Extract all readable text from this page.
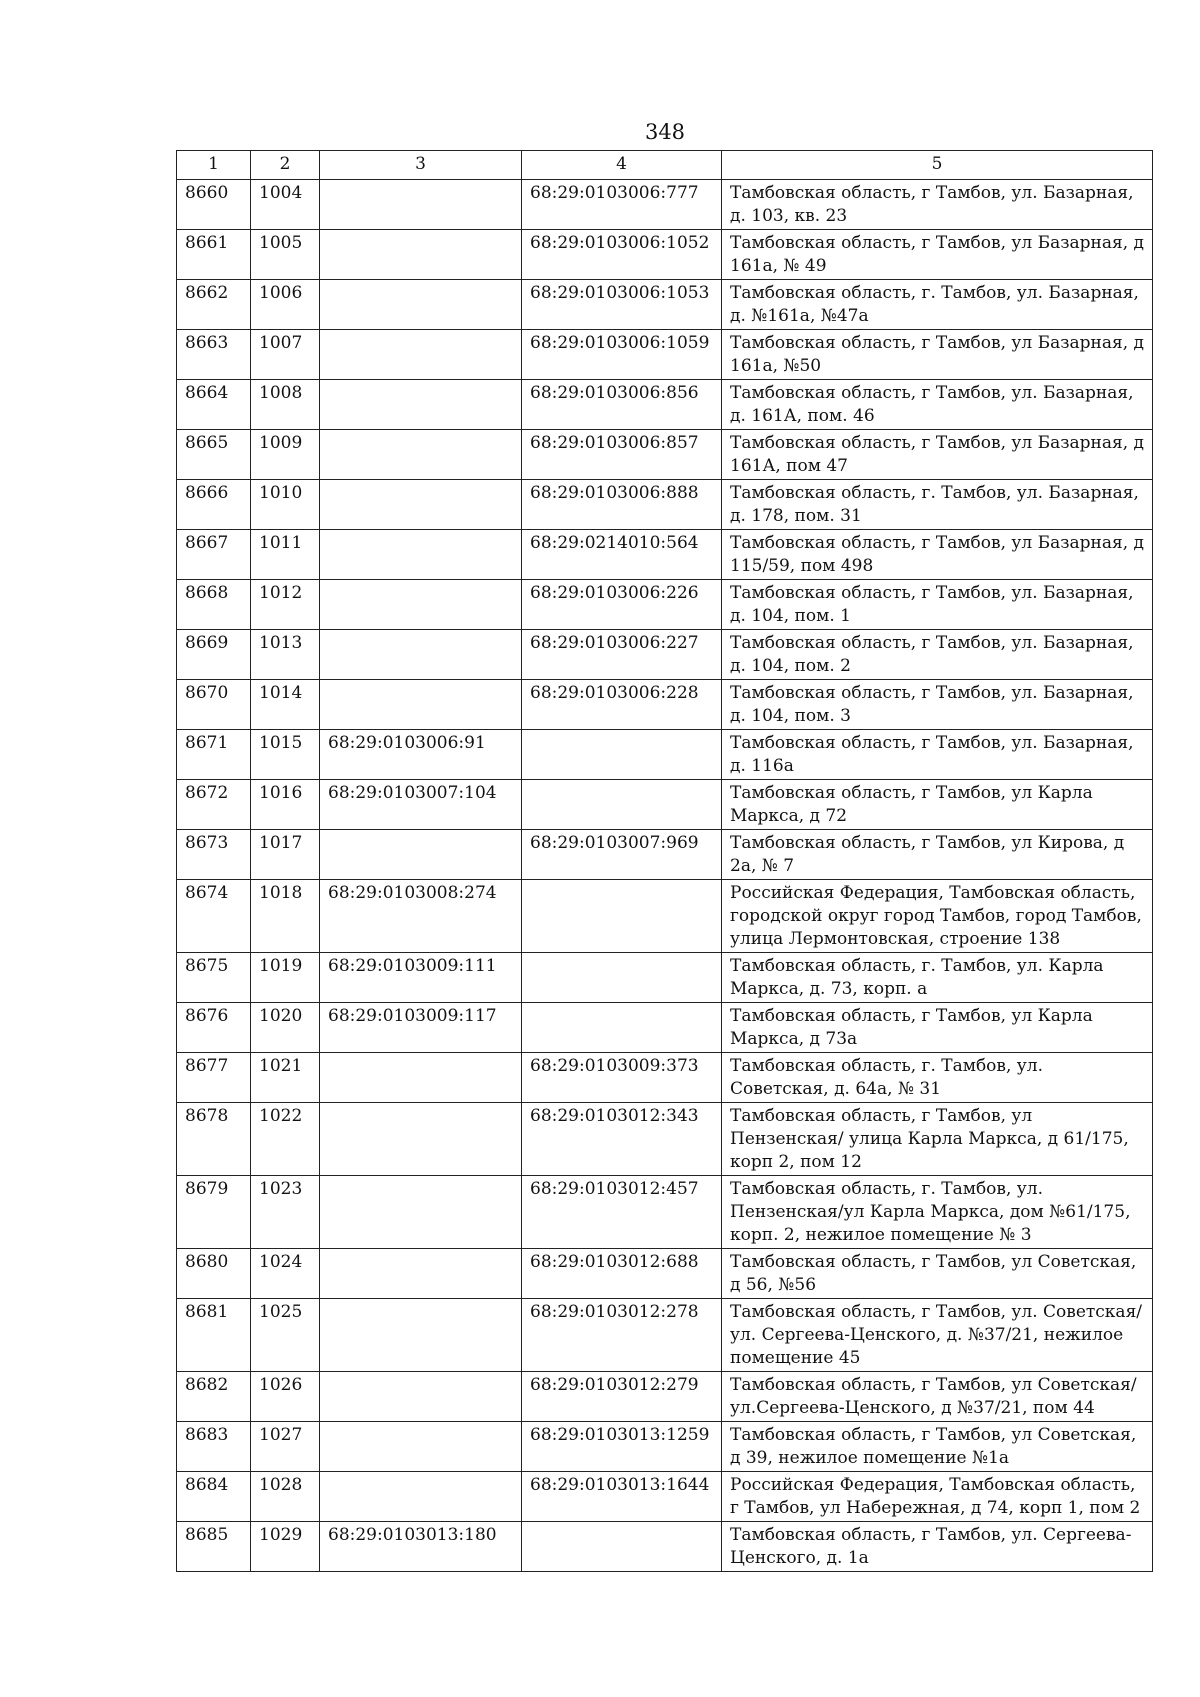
348
1	2	3	4	5
8660	1004		68:29:0103006:777	Тамбовская область, г Тамбов, ул. Базарная, д. 103, кв. 23
8661	1005		68:29:0103006:1052	Тамбовская область, г Тамбов, ул Базарная, д 161а, № 49
8662	1006		68:29:0103006:1053	Тамбовская область, г. Тамбов, ул. Базарная, д. №161а, №47а
8663	1007		68:29:0103006:1059	Тамбовская область, г Тамбов, ул Базарная, д 161а, №50
8664	1008		68:29:0103006:856	Тамбовская область, г Тамбов, ул. Базарная, д. 161А, пом. 46
8665	1009		68:29:0103006:857	Тамбовская область, г Тамбов, ул Базарная, д 161А, пом 47
8666	1010		68:29:0103006:888	Тамбовская область, г. Тамбов, ул. Базарная, д. 178, пом. 31
8667	1011		68:29:0214010:564	Тамбовская область, г Тамбов, ул Базарная, д 115/59, пом 498
8668	1012		68:29:0103006:226	Тамбовская область, г Тамбов, ул. Базарная, д. 104, пом. 1
8669	1013		68:29:0103006:227	Тамбовская область, г Тамбов, ул. Базарная, д. 104, пом. 2
8670	1014		68:29:0103006:228	Тамбовская область, г Тамбов, ул. Базарная, д. 104, пом. 3
8671	1015	68:29:0103006:91		Тамбовская область, г Тамбов, ул. Базарная, д. 116а
8672	1016	68:29:0103007:104		Тамбовская область, г Тамбов, ул Карла Маркса, д 72
8673	1017		68:29:0103007:969	Тамбовская область, г Тамбов, ул Кирова, д 2а, № 7
8674	1018	68:29:0103008:274		Российская Федерация, Тамбовская область, городской округ город Тамбов, город Тамбов, улица Лермонтовская, строение 138
8675	1019	68:29:0103009:111		Тамбовская область, г. Тамбов, ул. Карла Маркса, д. 73, корп. а
8676	1020	68:29:0103009:117		Тамбовская область, г Тамбов, ул Карла Маркса, д 73а
8677	1021		68:29:0103009:373	Тамбовская область, г. Тамбов, ул. Советская, д. 64а, № 31
8678	1022		68:29:0103012:343	Тамбовская область, г Тамбов, ул Пензенская/ улица Карла Маркса, д 61/175, корп 2, пом 12
8679	1023		68:29:0103012:457	Тамбовская область, г. Тамбов, ул. Пензенская/ул Карла Маркса, дом №61/175, корп. 2, нежилое помещение № 3
8680	1024		68:29:0103012:688	Тамбовская область, г Тамбов, ул Советская, д 56, №56
8681	1025		68:29:0103012:278	Тамбовская область, г Тамбов, ул. Советская/ул. Сергеева-Ценского, д. №37/21, нежилое помещение 45
8682	1026		68:29:0103012:279	Тамбовская область, г Тамбов, ул Советская/ул.Сергеева-Ценского, д №37/21, пом 44
8683	1027		68:29:0103013:1259	Тамбовская область, г Тамбов, ул Советская, д 39, нежилое помещение №1а
8684	1028		68:29:0103013:1644	Российская Федерация, Тамбовская область, г Тамбов, ул Набережная, д 74, корп 1, пом 2
8685	1029	68:29:0103013:180		Тамбовская область, г Тамбов, ул. Сергеева-Ценского, д. 1а
